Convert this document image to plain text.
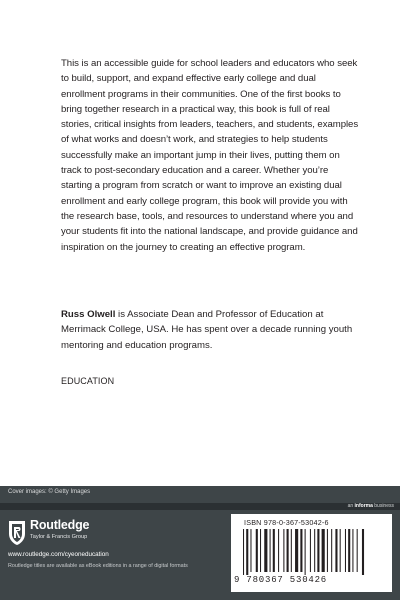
This is an accessible guide for school leaders and educators who seek to build, support, and expand effective early college and dual enrollment programs in their communities. One of the first books to bring together research in a practical way, this book is full of real stories, critical insights from leaders, teachers, and students, examples of what works and doesn’t work, and strategies to help students successfully make an important jump in their lives, putting them on track to post-secondary education and a career. Whether you’re starting a program from scratch or want to improve an existing dual enrollment and early college program, this book will provide you with the research base, tools, and resources to understand where you and your students fit into the national landscape, and provide guidance and inspiration on the journey to creating an effective program.
Russ Olwell is Associate Dean and Professor of Education at Merrimack College, USA. He has spent over a decade running youth mentoring and education programs.
EDUCATION
Cover images: © Getty Images
an informa business
Routledge
Taylor & Francis Group
www.routledge.com/cyeoneducation
Routledge titles are available as eBook editions in a range of digital formats
ISBN 978-0-367-53042-6
9 780367 530426
